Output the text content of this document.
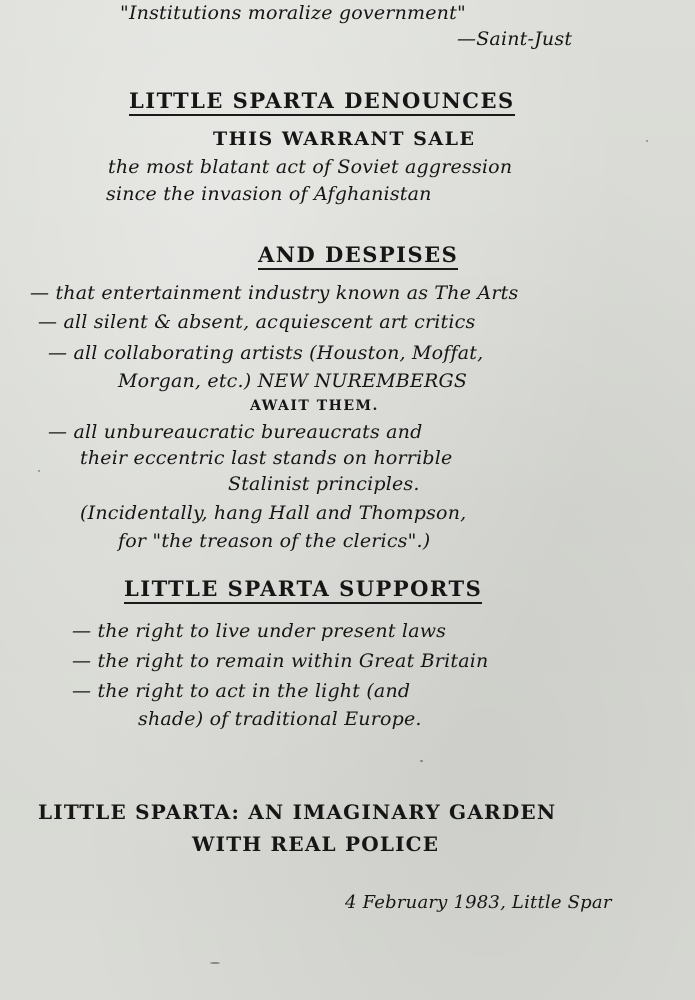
"Institutions moralize government"
—Saint-Just
LITTLE SPARTA DENOUNCES
THIS WARRANT SALE
the most blatant act of Soviet aggression
since the invasion of Afghanistan
AND DESPISES
— that entertainment industry known as The Arts
— all silent & absent, acquiescent art critics
— all collaborating artists (Houston, Moffat,
Morgan, etc.) NEW NUREMBERGS
AWAIT THEM.
— all unbureaucratic bureaucrats and
their eccentric last stands on horrible
Stalinist principles.
(Incidentally, hang Hall and Thompson,
for "the treason of the clerics".)
LITTLE SPARTA SUPPORTS
— the right to live under present laws
— the right to remain within Great Britain
— the right to act in the light (and
shade) of traditional Europe.
LITTLE SPARTA: AN IMAGINARY GARDEN
WITH REAL POLICE
4 February 1983, Little Spar
